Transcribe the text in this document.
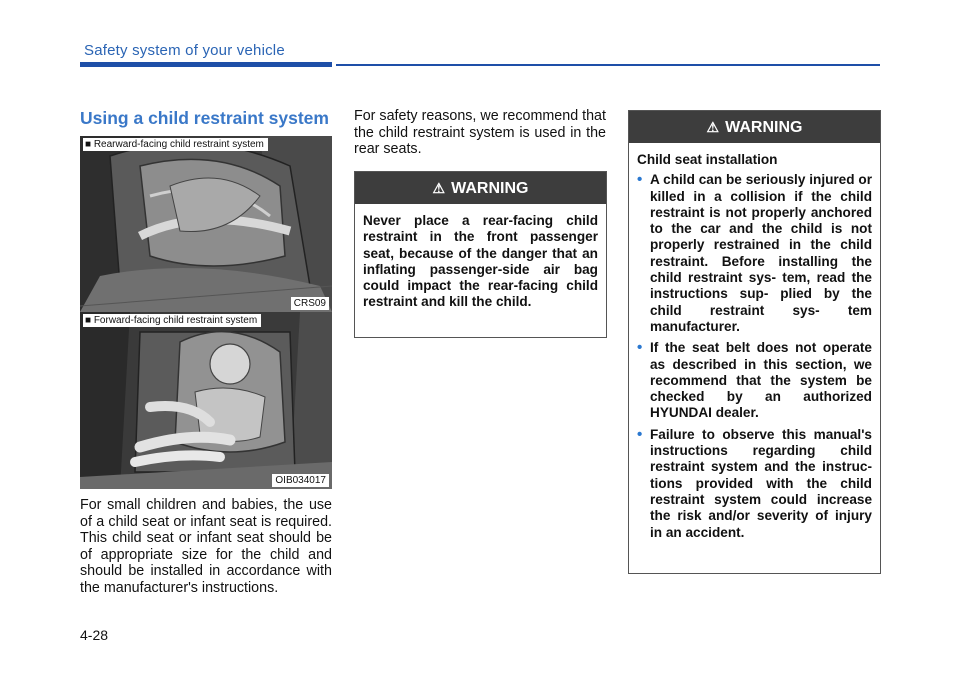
Safety system of your vehicle
Using a child restraint system
■ Rearward-facing child restraint system
CRS09
■ Forward-facing child restraint system
OIB034017
For small children and babies, the use of a child seat or infant seat is required. This child seat or infant seat should be of appropriate size for the child and should be installed in accordance with the manufacturer's instructions.
For safety reasons, we recommend that the child restraint system is used in the rear seats.
⚠ WARNING
Never place a rear-facing child restraint in the front passenger seat, because of the danger that an inflating passenger-side air bag could impact the rear-facing child restraint and kill the child.
⚠ WARNING
Child seat installation
• A child can be seriously injured or killed in a collision if the child restraint is not properly anchored to the car and the child is not properly restrained in the child restraint. Before installing the child restraint sys- tem, read the instructions sup- plied by the child restraint sys- tem manufacturer.
• If the seat belt does not operate as described in this section, we recommend that the system be checked by an authorized HYUNDAI dealer.
• Failure to observe this manual's instructions regarding child restraint system and the instruc- tions provided with the child restraint system could increase the risk and/or severity of injury in an accident.
4-28
